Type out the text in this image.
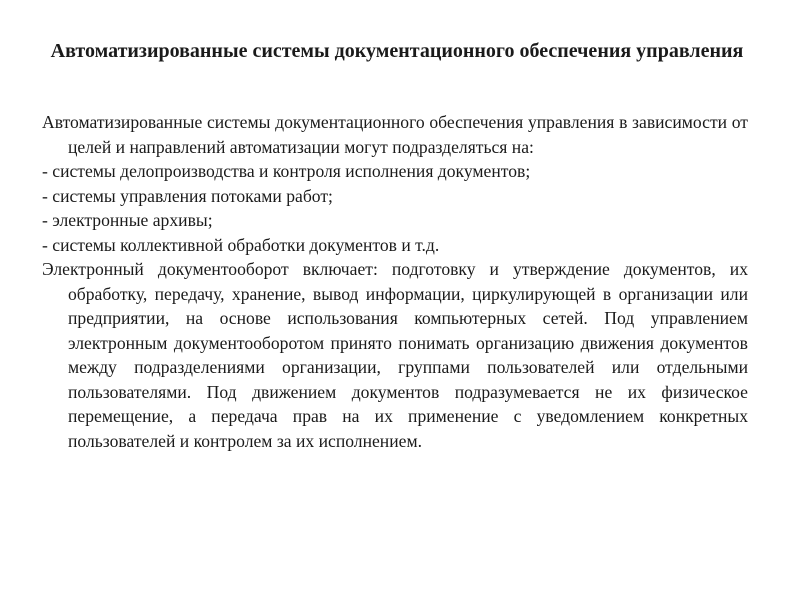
Автоматизированные системы документационного обеспечения управления

Автоматизированные системы документационного обеспечения управления в зависимости от целей и направлений автоматизации могут подразделяться на:

- системы делопроизводства и контроля исполнения документов;
- системы управления потоками работ;
- электронные архивы;
- системы коллективной обработки документов и т.д.

Электронный документооборот включает: подготовку и утверждение документов, их обработку, передачу, хранение, вывод информации, циркулирующей в организации или предприятии, на основе использования компьютерных сетей. Под управлением электронным документооборотом принято понимать организацию движения документов между подразделениями организации, группами пользователей или отдельными пользователями. Под движением документов подразумевается не их физическое перемещение, а передача прав на их применение с уведомлением конкретных пользователей и контролем за их исполнением.
